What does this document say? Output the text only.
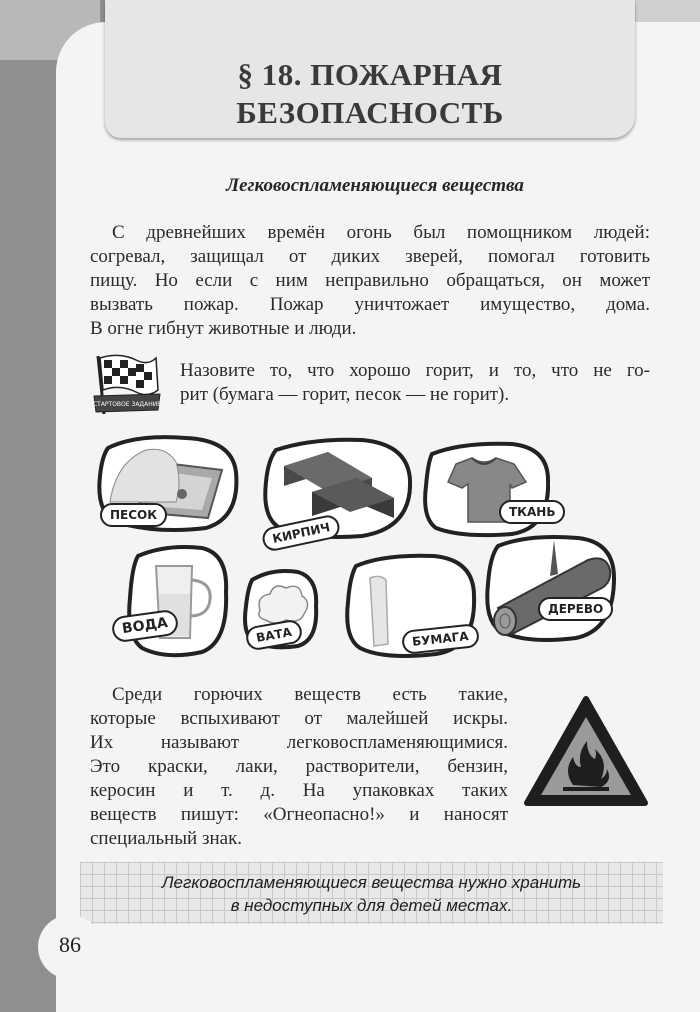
§ 18. ПОЖАРНАЯ
БЕЗОПАСНОСТЬ
Легковоспламеняющиеся вещества
С древнейших времён огонь был помощником людей:
согревал, защищал от диких зверей, помогал готовить
пищу. Но если с ним неправильно обращаться, он может
вызвать пожар. Пожар уничтожает имущество, дома.
В огне гибнут животные и люди.
СТАРТОВОЕ ЗАДАНИЕ
Назовите то, что хорошо горит, и то, что не го-
рит (бумага — горит, песок — не горит).
ПЕСОК
КИРПИЧ
ТКАНЬ
ВОДА	ВАТА	БУМАГА
ДЕРЕВО
Среди горючих веществ есть такие,
которые вспыхивают от малейшей искры.
Их называют легковоспламеняющимися.
Это краски, лаки, растворители, бензин,
керосин и т. д. На упаковках таких
веществ пишут: «Огнеопасно!» и наносят
специальный знак.
Легковоспламеняющиеся вещества нужно хранить
в недоступных для детей местах.
86
